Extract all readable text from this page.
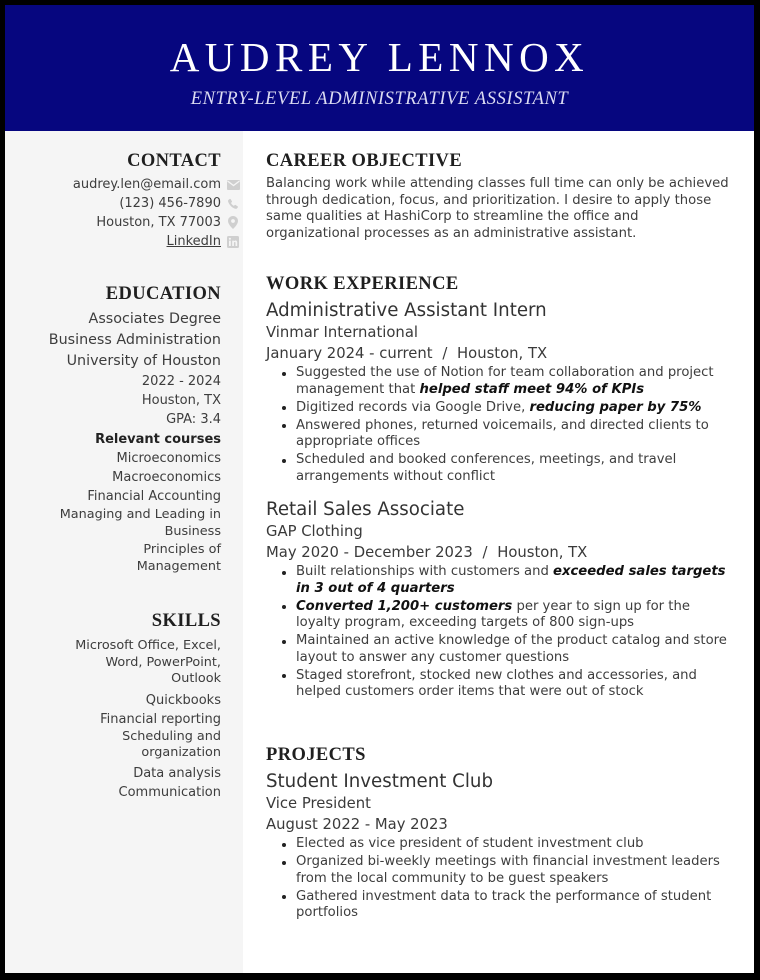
AUDREY LENNOX
ENTRY-LEVEL ADMINISTRATIVE ASSISTANT
CONTACT
audrey.len@email.com
(123) 456-7890
Houston, TX 77003
LinkedIn
EDUCATION
Associates Degree
Business Administration
University of Houston
2022 - 2024
Houston, TX
GPA: 3.4
Relevant courses
Microeconomics
Macroeconomics
Financial Accounting
Managing and Leading in Business
Principles of Management
SKILLS
Microsoft Office, Excel, Word, PowerPoint, Outlook
Quickbooks
Financial reporting
Scheduling and organization
Data analysis
Communication
CAREER OBJECTIVE
Balancing work while attending classes full time can only be achieved through dedication, focus, and prioritization. I desire to apply those same qualities at HashiCorp to streamline the office and organizational processes as an administrative assistant.
WORK EXPERIENCE
Administrative Assistant Intern
Vinmar International
January 2024 - current / Houston, TX
Suggested the use of Notion for team collaboration and project management that helped staff meet 94% of KPIs
Digitized records via Google Drive, reducing paper by 75%
Answered phones, returned voicemails, and directed clients to appropriate offices
Scheduled and booked conferences, meetings, and travel arrangements without conflict
Retail Sales Associate
GAP Clothing
May 2020 - December 2023 / Houston, TX
Built relationships with customers and exceeded sales targets in 3 out of 4 quarters
Converted 1,200+ customers per year to sign up for the loyalty program, exceeding targets of 800 sign-ups
Maintained an active knowledge of the product catalog and store layout to answer any customer questions
Staged storefront, stocked new clothes and accessories, and helped customers order items that were out of stock
PROJECTS
Student Investment Club
Vice President
August 2022 - May 2023
Elected as vice president of student investment club
Organized bi-weekly meetings with financial investment leaders from the local community to be guest speakers
Gathered investment data to track the performance of student portfolios
